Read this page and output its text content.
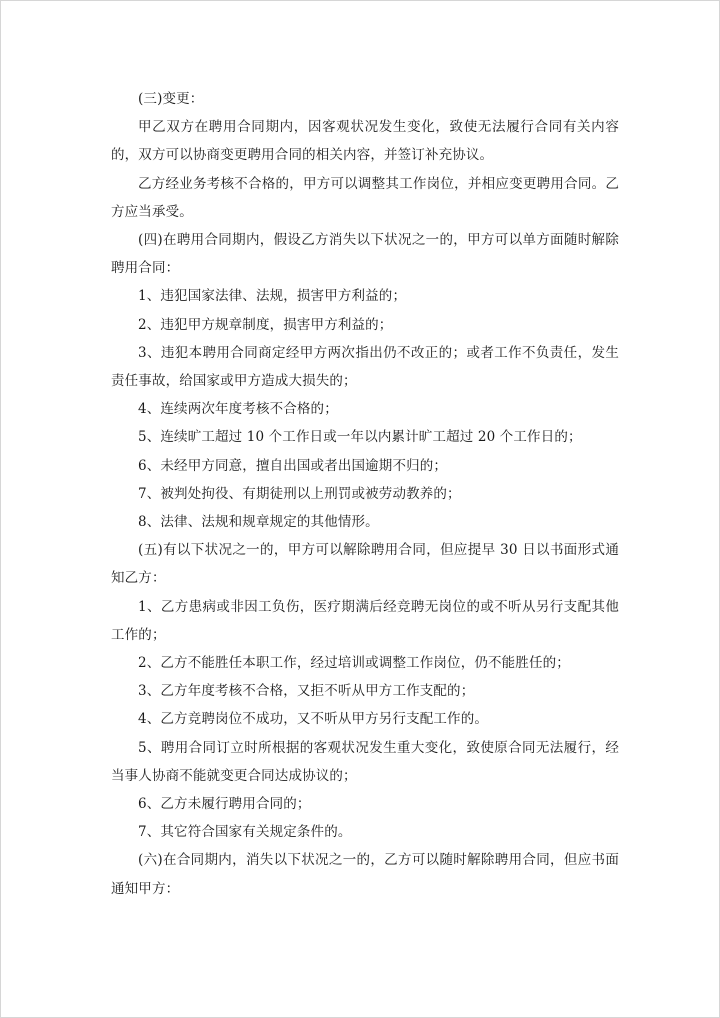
(三)变更：

甲乙双方在聘用合同期内，因客观状况发生变化，致使无法履行合同有关内容的，双方可以协商变更聘用合同的相关内容，并签订补充协议。

乙方经业务考核不合格的，甲方可以调整其工作岗位，并相应变更聘用合同。乙方应当承受。

(四)在聘用合同期内，假设乙方消失以下状况之一的，甲方可以单方面随时解除聘用合同：

1、违犯国家法律、法规，损害甲方利益的；

2、违犯甲方规章制度，损害甲方利益的；

3、违犯本聘用合同商定经甲方两次指出仍不改正的；或者工作不负责任，发生责任事故，给国家或甲方造成大损失的；

4、连续两次年度考核不合格的；

5、连续旷工超过 10 个工作日或一年以内累计旷工超过 20 个工作日的；

6、未经甲方同意，擅自出国或者出国逾期不归的；

7、被判处拘役、有期徒刑以上刑罚或被劳动教养的；

8、法律、法规和规章规定的其他情形。

(五)有以下状况之一的，甲方可以解除聘用合同，但应提早 30 日以书面形式通知乙方：

1、乙方患病或非因工负伤，医疗期满后经竞聘无岗位的或不听从另行支配其他工作的；

2、乙方不能胜任本职工作，经过培训或调整工作岗位，仍不能胜任的；

3、乙方年度考核不合格，又拒不听从甲方工作支配的；

4、乙方竞聘岗位不成功，又不听从甲方另行支配工作的。

5、聘用合同订立时所根据的客观状况发生重大变化，致使原合同无法履行，经当事人协商不能就变更合同达成协议的；

6、乙方未履行聘用合同的；

7、其它符合国家有关规定条件的。

(六)在合同期内，消失以下状况之一的，乙方可以随时解除聘用合同，但应书面通知甲方：
